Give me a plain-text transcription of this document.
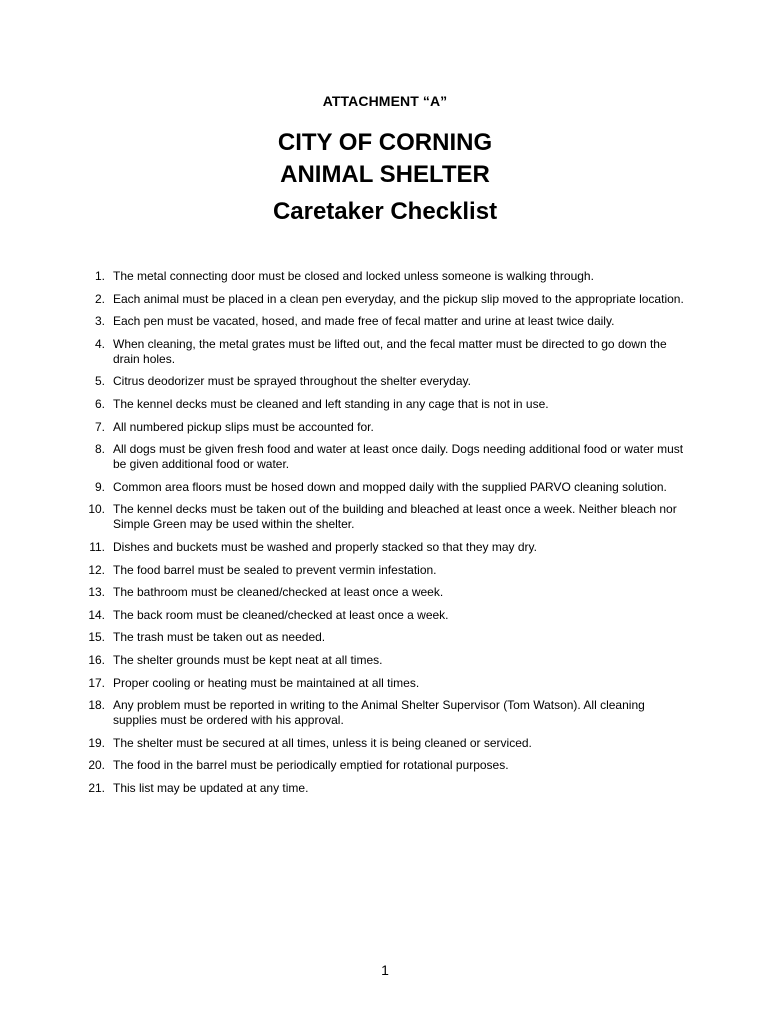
ATTACHMENT “A”
CITY OF CORNING
ANIMAL SHELTER
Caretaker Checklist
1. The metal connecting door must be closed and locked unless someone is walking through.
2. Each animal must be placed in a clean pen everyday, and the pickup slip moved to the appropriate location.
3. Each pen must be vacated, hosed, and made free of fecal matter and urine at least twice daily.
4. When cleaning, the metal grates must be lifted out, and the fecal matter must be directed to go down the drain holes.
5. Citrus deodorizer must be sprayed throughout the shelter everyday.
6. The kennel decks must be cleaned and left standing in any cage that is not in use.
7. All numbered pickup slips must be accounted for.
8. All dogs must be given fresh food and water at least once daily. Dogs needing additional food or water must be given additional food or water.
9. Common area floors must be hosed down and mopped daily with the supplied PARVO cleaning solution.
10. The kennel decks must be taken out of the building and bleached at least once a week. Neither bleach nor Simple Green may be used within the shelter.
11. Dishes and buckets must be washed and properly stacked so that they may dry.
12. The food barrel must be sealed to prevent vermin infestation.
13. The bathroom must be cleaned/checked at least once a week.
14. The back room must be cleaned/checked at least once a week.
15. The trash must be taken out as needed.
16. The shelter grounds must be kept neat at all times.
17. Proper cooling or heating must be maintained at all times.
18. Any problem must be reported in writing to the Animal Shelter Supervisor (Tom Watson). All cleaning supplies must be ordered with his approval.
19. The shelter must be secured at all times, unless it is being cleaned or serviced.
20. The food in the barrel must be periodically emptied for rotational purposes.
21. This list may be updated at any time.
1
